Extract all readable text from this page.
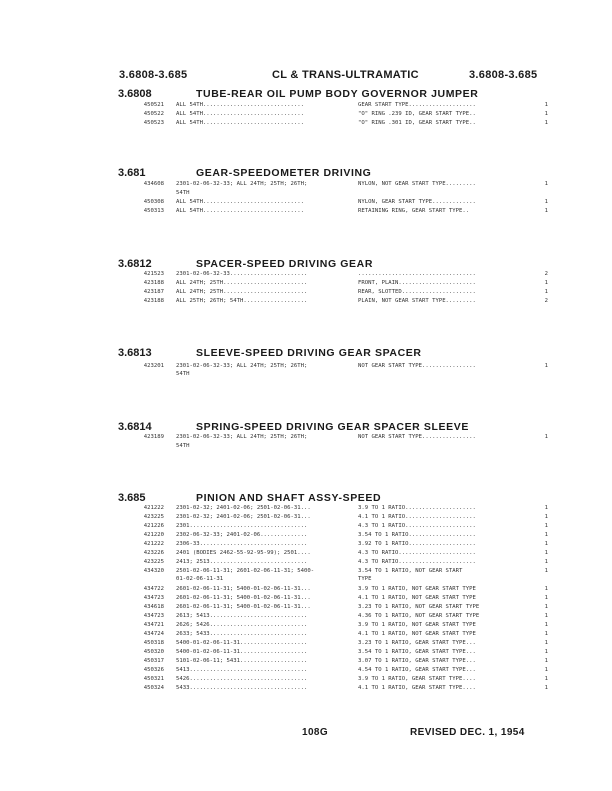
3.6808-3.685	CL & TRANS-ULTRAMATIC	3.6808-3.685
3.6808	TUBE-REAR OIL PUMP BODY GOVERNOR JUMPER
450521 ALL 54TH..............................	GEAR START TYPE....................	1
450522 ALL 54TH..............................	"O" RING .239 ID, GEAR START TYPE..	1
450523 ALL 54TH..............................	"O" RING .301 ID, GEAR START TYPE..	1
3.681	GEAR-SPEEDOMETER DRIVING
434608 2301-02-06-32-33; ALL 24TH; 25TH; 26TH;	NYLON, NOT GEAR START TYPE.........	1
54TH
450308 ALL 54TH..............................	NYLON, GEAR START TYPE.............	1
450313 ALL 54TH..............................	RETAINING RING, GEAR START TYPE..	1
3.6812	SPACER-SPEED DRIVING GEAR
421523 2301-02-06-32-33.......................	...................................	2
423188 ALL 24TH; 25TH.........................	FRONT, PLAIN.......................	1
423187 ALL 24TH; 25TH.........................	REAR, SLOTTED......................	1
423188 ALL 25TH; 26TH; 54TH...................	PLAIN, NOT GEAR START TYPE.........	2
3.6813	SLEEVE-SPEED DRIVING GEAR SPACER
423201 2301-02-06-32-33; ALL 24TH; 25TH; 26TH;	NOT GEAR START TYPE................	1
54TH
3.6814	SPRING-SPEED DRIVING GEAR SPACER SLEEVE
423189 2301-02-06-32-33; ALL 24TH; 25TH; 26TH;	NOT GEAR START TYPE................	1
54TH
3.685	PINION AND SHAFT ASSY-SPEED
421222 2301-02-32; 2401-02-06; 2501-02-06-31...	3.9 TO 1 RATIO.....................	1
423225 2301-02-32; 2401-02-06; 2501-02-06-31...	4.1 TO 1 RATIO.....................	1
421226 2301...................................	4.3 TO 1 RATIO.....................	1
421220 2302-06-32-33; 2401-02-06..............	3.54 TO 1 RATIO....................	1
421222 2306-33................................	3.92 TO 1 RATIO....................	1
423226 2401 (BODIES 2462-55-92-95-99); 2501....	4.3 TO RATIO.......................	1
423225 2413; 2513.............................	4.3 TO RATIO.......................	1
434320 2501-02-06-11-31; 2601-02-06-11-31; 5400-	3.54 TO 1 RATIO, NOT GEAR START	1
01-02-06-11-31	TYPE
434722 2601-02-06-11-31; 5400-01-02-06-11-31...	3.9 TO 1 RATIO, NOT GEAR START TYPE	1
434723 2601-02-06-11-31; 5400-01-02-06-11-31...	4.1 TO 1 RATIO, NOT GEAR START TYPE	1
434618 2601-02-06-11-31; 5400-01-02-06-11-31...	3.23 TO 1 RATIO, NOT GEAR START TYPE	1
434723 2613; 5413.............................	4.36 TO 1 RATIO, NOT GEAR START TYPE	1
434721 2626; 5426.............................	3.9 TO 1 RATIO, NOT GEAR START TYPE	1
434724 2633; 5433.............................	4.1 TO 1 RATIO, NOT GEAR START TYPE	1
450318 5400-01-02-06-11-31....................	3.23 TO 1 RATIO, GEAR START TYPE...	1
450320 5400-01-02-06-11-31....................	3.54 TO 1 RATIO, GEAR START TYPE...	1
450317 5101-02-06-11; 5431....................	3.07 TO 1 RATIO, GEAR START TYPE...	1
450326 5413...................................	4.54 TO 1 RATIO, GEAR START TYPE...	1
450321 5426...................................	3.9 TO 1 RATIO, GEAR START TYPE....	1
450324 5433...................................	4.1 TO 1 RATIO, GEAR START TYPE....	1
108G	REVISED DEC. 1, 1954
